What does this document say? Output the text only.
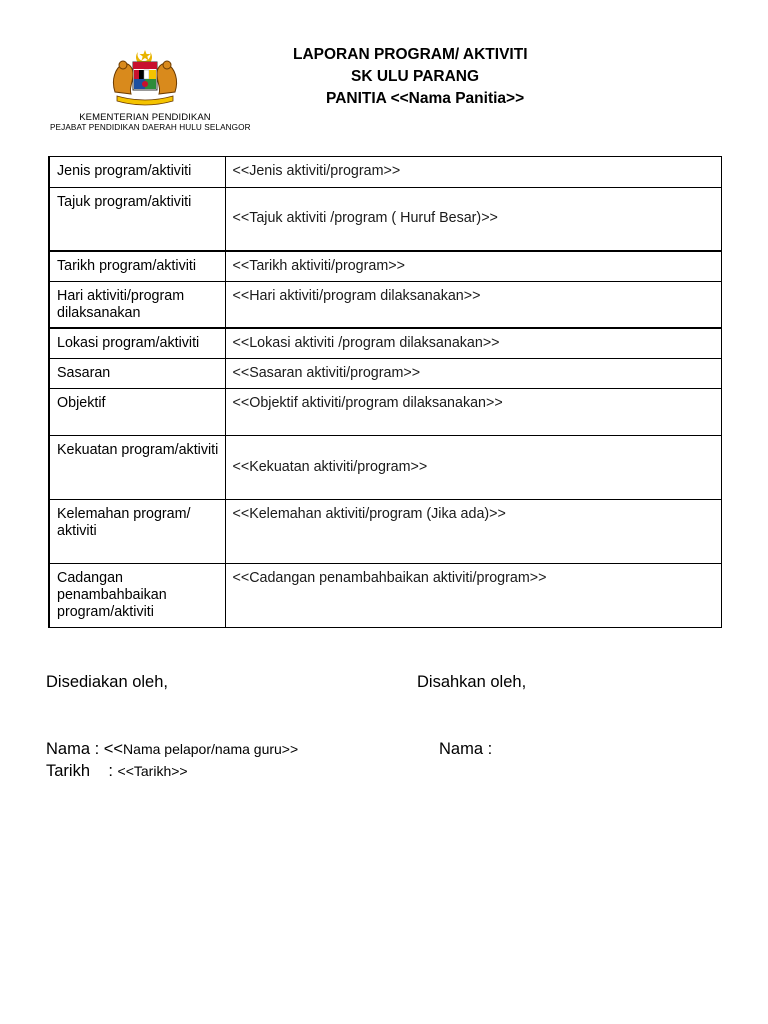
KEMENTERIAN PENDIDIKAN
PEJABAT PENDIDIKAN DAERAH HULU SELANGOR
LAPORAN PROGRAM/ AKTIVITI
SK ULU PARANG
PANITIA <<Nama Panitia>>
Jenis program/aktiviti	<<Jenis aktiviti/program>>
Tajuk program/aktiviti	<<Tajuk aktiviti /program ( Huruf Besar)>>
Tarikh program/aktiviti	<<Tarikh aktiviti/program>>
Hari aktiviti/program dilaksanakan	<<Hari aktiviti/program dilaksanakan>>
Lokasi program/aktiviti	<<Lokasi aktiviti /program dilaksanakan>>
Sasaran	<<Sasaran aktiviti/program>>
Objektif	<<Objektif aktiviti/program dilaksanakan>>
Kekuatan program/aktiviti	<<Kekuatan aktiviti/program>>
Kelemahan program/ aktiviti	<<Kelemahan aktiviti/program (Jika ada)>>
Cadangan penambahbaikan program/aktiviti	<<Cadangan penambahbaikan aktiviti/program>>
Disediakan oleh,	Disahkan oleh,
Nama : <<Nama pelapor/nama guru>>	Nama :
Tarikh    : <<Tarikh>>
